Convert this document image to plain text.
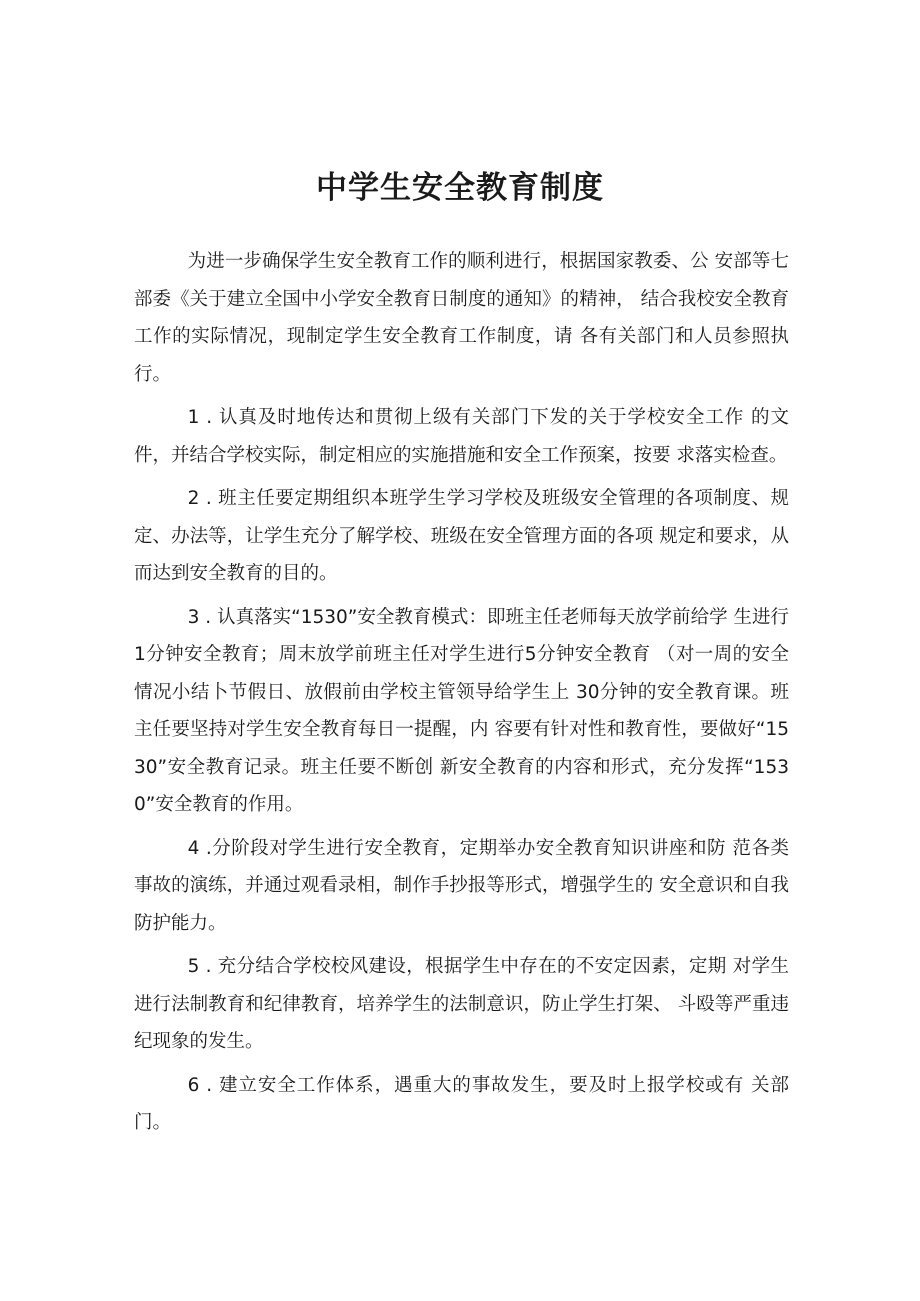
中学生安全教育制度

为进一步确保学生安全教育工作的顺利进行，根据国家教委、公 安部等七部委《关于建立全国中小学安全教育日制度的通知》的精神， 结合我校安全教育工作的实际情况，现制定学生安全教育工作制度，请 各有关部门和人员参照执行。

1 . 认真及时地传达和贯彻上级有关部门下发的关于学校安全工作 的文件，并结合学校实际，制定相应的实施措施和安全工作预案，按要 求落实检查。

2 . 班主任要定期组织本班学生学习学校及班级安全管理的各项制度、规定、办法等，让学生充分了解学校、班级在安全管理方面的各项 规定和要求，从而达到安全教育的目的。

3 . 认真落实“1530”安全教育模式：即班主任老师每天放学前给学 生进行1分钟安全教育；周末放学前班主任对学生进行5分钟安全教育 （对一周的安全情况小结卜节假日、放假前由学校主管领导给学生上 30分钟的安全教育课。班主任要坚持对学生安全教育每日一提醒，内 容要有针对性和教育性，要做好“1530”安全教育记录。班主任要不断创 新安全教育的内容和形式，充分发挥“1530”安全教育的作用。

4 .分阶段对学生进行安全教育，定期举办安全教育知识讲座和防 范各类事故的演练，并通过观看录相，制作手抄报等形式，增强学生的 安全意识和自我防护能力。

5 . 充分结合学校校风建设，根据学生中存在的不安定因素，定期 对学生进行法制教育和纪律教育，培养学生的法制意识，防止学生打架、 斗殴等严重违纪现象的发生。

6 . 建立安全工作体系，遇重大的事故发生，要及时上报学校或有 关部门。
